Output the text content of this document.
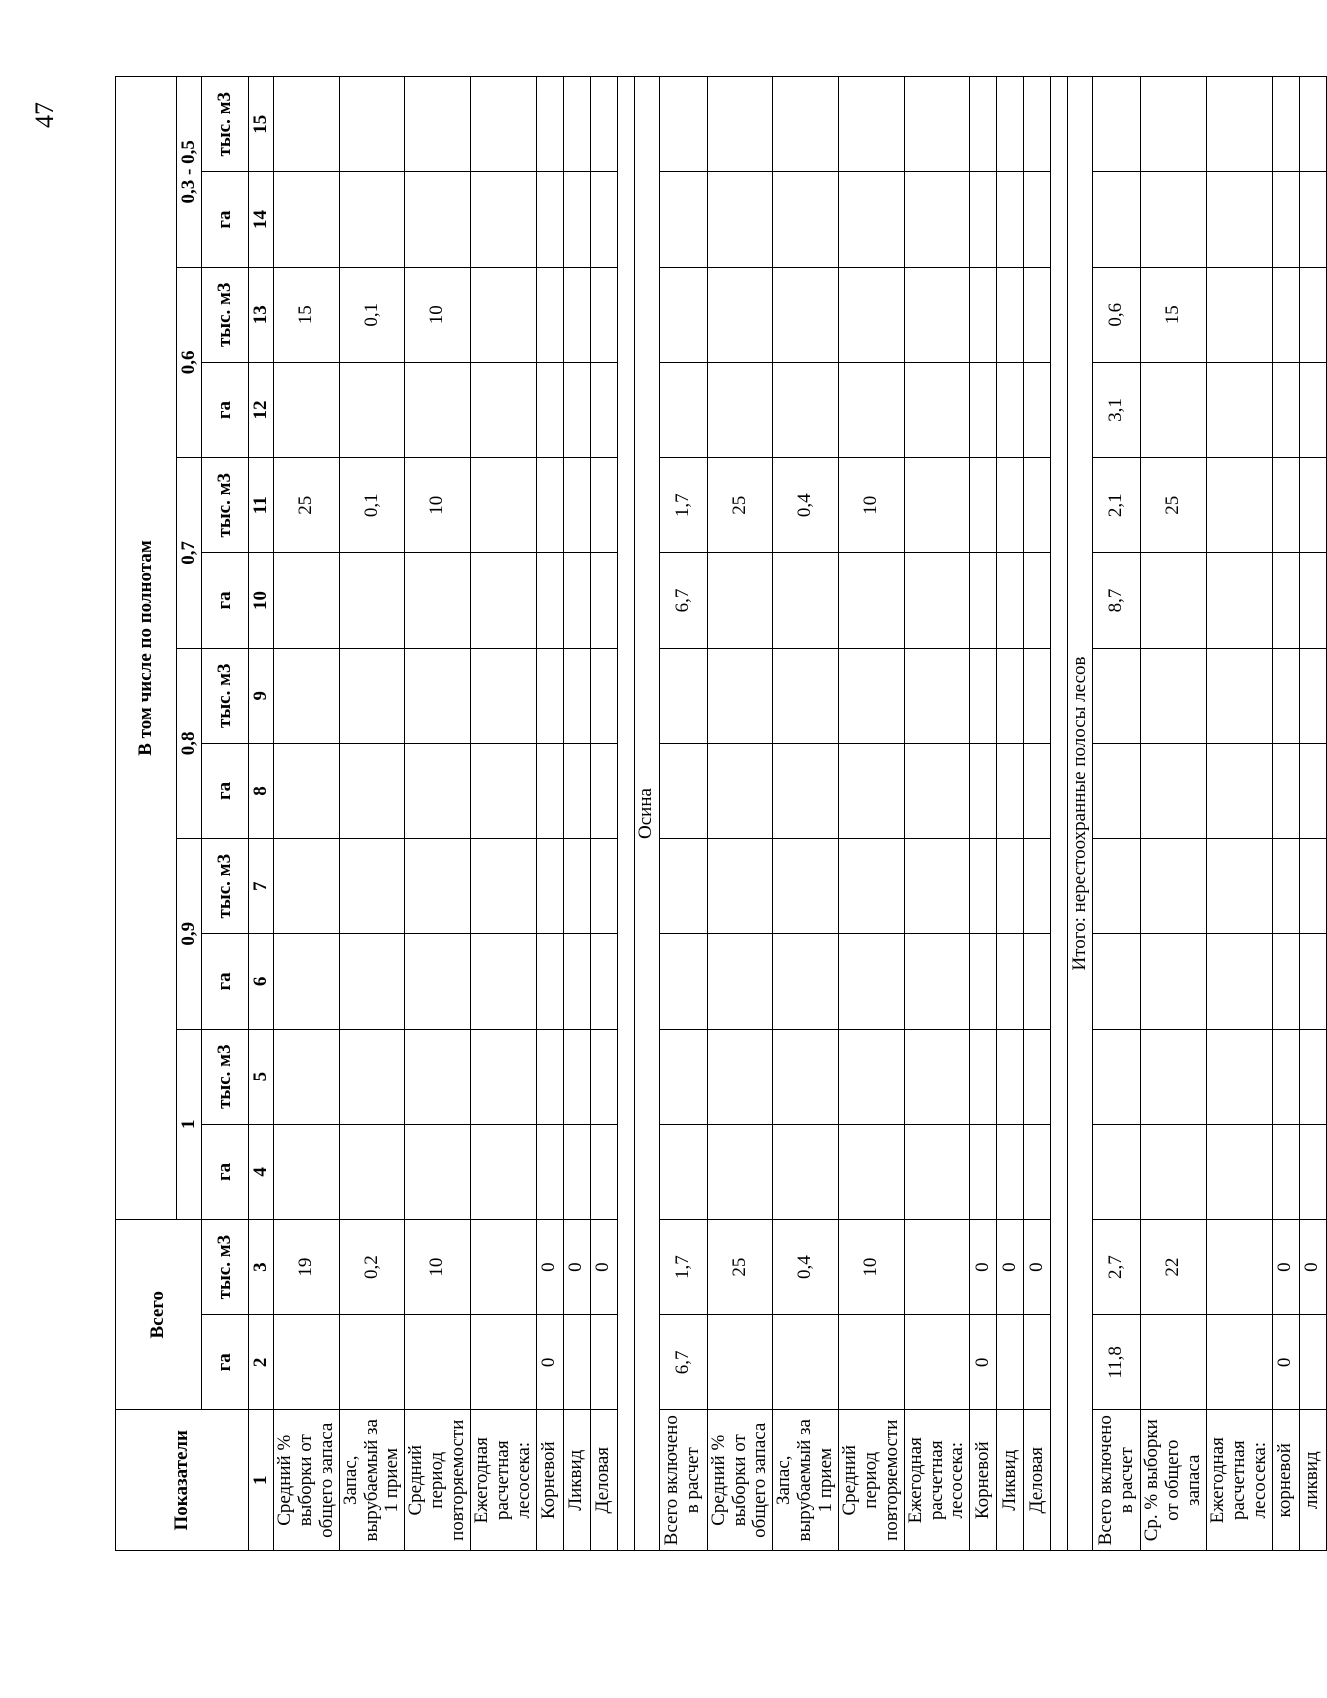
47
Показатели	Всего		В том числе по полнотам											
			1		0,9		0,8		0,7		0,6		0,3 - 0,5	
	га	тыс. м3	га	тыс. м3	га	тыс. м3	га	тыс. м3	га	тыс. м3	га	тыс. м3	га	тыс. м3
1	2	3	4	5	6	7	8	9	10	11	12	13	14	15
Средний % выборки от общего запаса		19								25		15		
Запас, вырубаемый за 1 прием		0,2								0,1		0,1		
Средний период повторяемости		10								10		10		
Ежегодная расчетная лесосека:														
Корневой	0	0												
Ликвид		0												
Деловая		0												

Осина														
Всего включено в расчет	6,7	1,7							6,7	1,7				
Средний % выборки от общего запаса		25								25				
Запас, вырубаемый за 1 прием		0,4								0,4				
Средний период повторяемости		10								10				
Ежегодная расчетная лесосека:														
Корневой	0	0												
Ликвид		0												
Деловая		0												

Итого: нерестоохранные полосы лесов														
Всего включено в расчет	11,8	2,7							8,7	2,1	3,1	0,6		
Ср. % выборки от общего запаса		22								25		15		
Ежегодная расчетная лесосека:														
корневой	0	0												
ликвид		0												
